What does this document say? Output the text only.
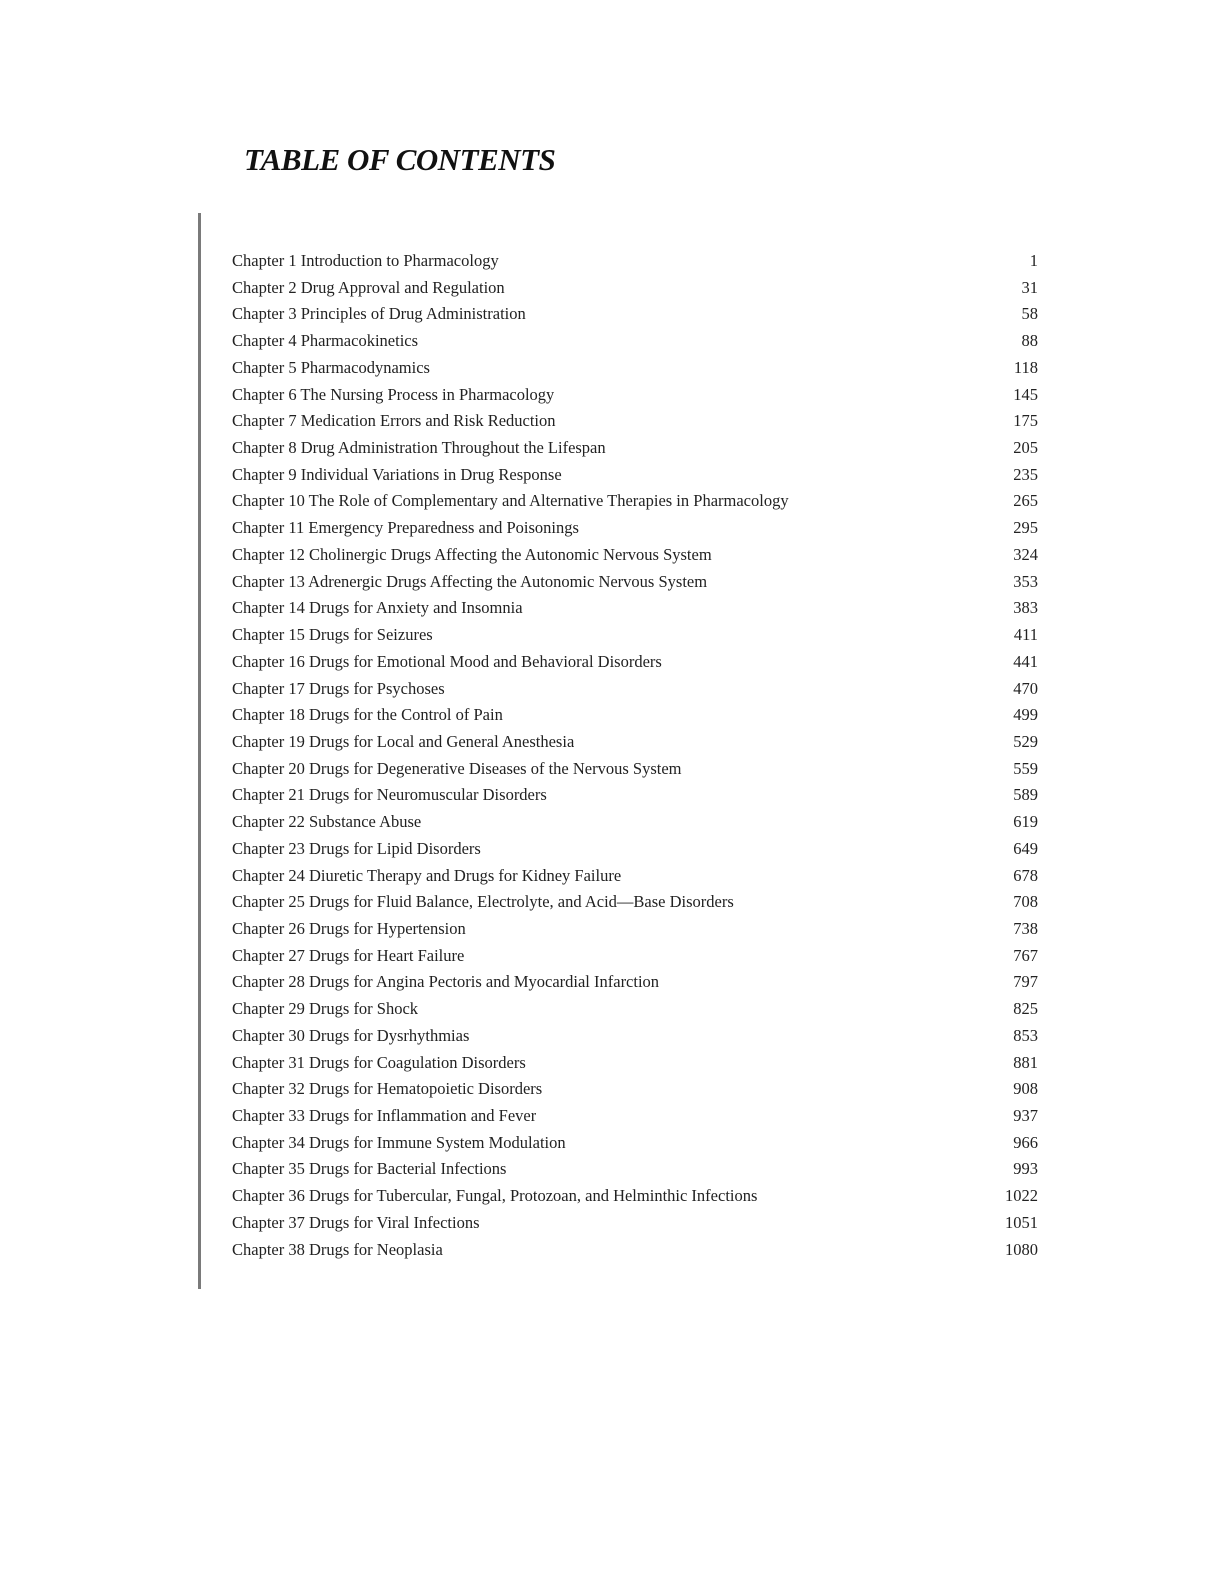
TABLE OF CONTENTS
Chapter 1 Introduction to Pharmacology	1
Chapter 2 Drug Approval and Regulation	31
Chapter 3 Principles of Drug Administration	58
Chapter 4 Pharmacokinetics	88
Chapter 5 Pharmacodynamics	118
Chapter 6 The Nursing Process in Pharmacology	145
Chapter 7 Medication Errors and Risk Reduction	175
Chapter 8 Drug Administration Throughout the Lifespan	205
Chapter 9 Individual Variations in Drug Response	235
Chapter 10 The Role of Complementary and Alternative Therapies in Pharmacology	265
Chapter 11 Emergency Preparedness and Poisonings	295
Chapter 12 Cholinergic Drugs Affecting the Autonomic Nervous System	324
Chapter 13 Adrenergic Drugs Affecting the Autonomic Nervous System	353
Chapter 14 Drugs for Anxiety and Insomnia	383
Chapter 15 Drugs for Seizures	411
Chapter 16 Drugs for Emotional Mood and Behavioral Disorders	441
Chapter 17 Drugs for Psychoses	470
Chapter 18 Drugs for the Control of Pain	499
Chapter 19 Drugs for Local and General Anesthesia	529
Chapter 20 Drugs for Degenerative Diseases of the Nervous System	559
Chapter 21 Drugs for Neuromuscular Disorders	589
Chapter 22 Substance Abuse	619
Chapter 23 Drugs for Lipid Disorders	649
Chapter 24 Diuretic Therapy and Drugs for Kidney Failure	678
Chapter 25 Drugs for Fluid Balance, Electrolyte, and Acid—Base Disorders	708
Chapter 26 Drugs for Hypertension	738
Chapter 27 Drugs for Heart Failure	767
Chapter 28 Drugs for Angina Pectoris and Myocardial Infarction	797
Chapter 29 Drugs for Shock	825
Chapter 30 Drugs for Dysrhythmias	853
Chapter 31 Drugs for Coagulation Disorders	881
Chapter 32 Drugs for Hematopoietic Disorders	908
Chapter 33 Drugs for Inflammation and Fever	937
Chapter 34 Drugs for Immune System Modulation	966
Chapter 35 Drugs for Bacterial Infections	993
Chapter 36 Drugs for Tubercular, Fungal, Protozoan, and Helminthic Infections	1022
Chapter 37 Drugs for Viral Infections	1051
Chapter 38 Drugs for Neoplasia	1080
